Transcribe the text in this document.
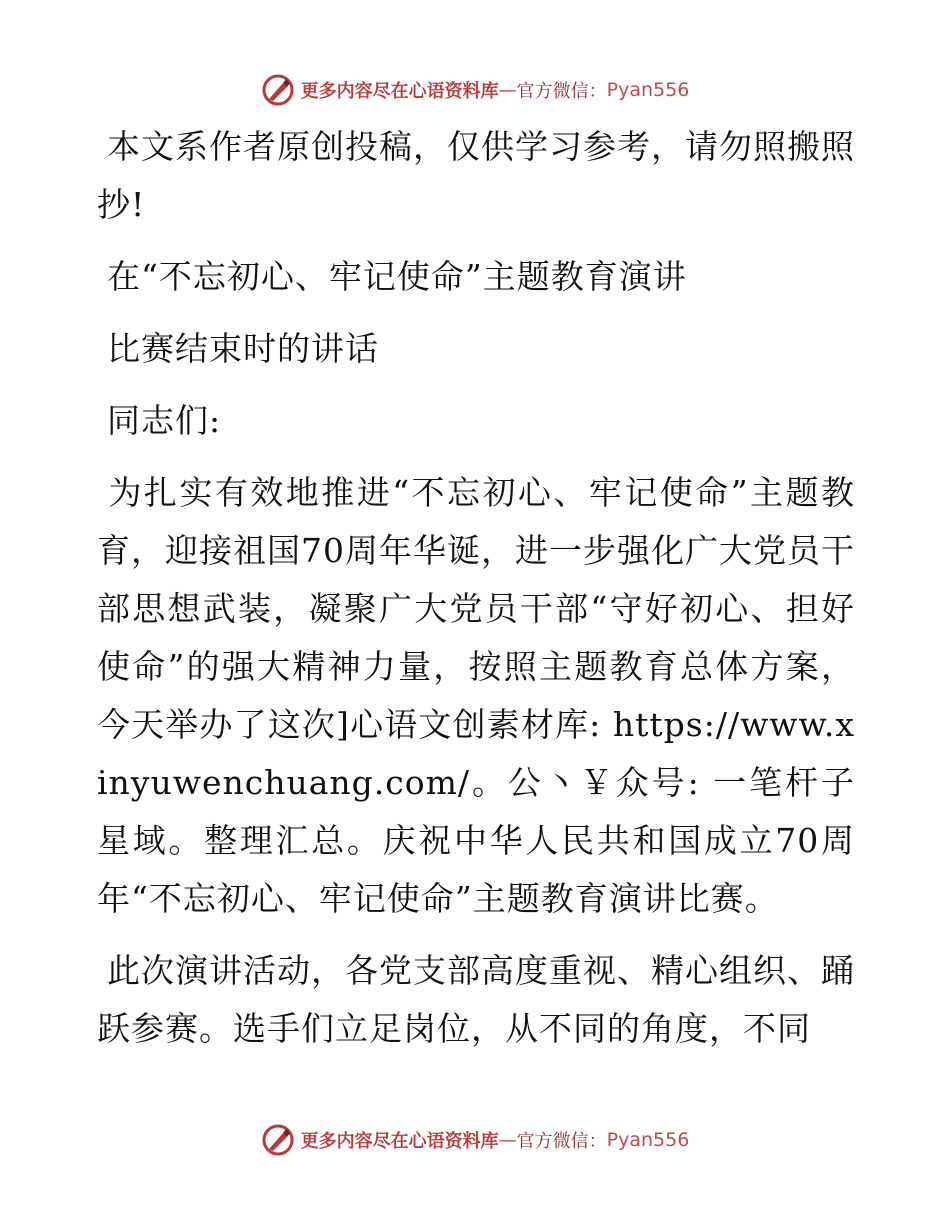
更多内容尽在心语资料库 — 官方微信： Pyan556

本文系作者原创投稿，仅供学习参考，请勿照搬照抄!

在“不忘初心、牢记使命”主题教育演讲

比赛结束时的讲话

同志们:

为扎实有效地推进“不忘初心、牢记使命”主题教育，迎接祖国70周年华诞，进一步强化广大党员干部思想武装，凝聚广大党员干部“守好初心、担好使命”的强大精神力量，按照主题教育总体方案，今天举办了这次]心语文创素材库: https://www.xinyuwenchuang.com/。公丶￥众号: 一笔杆子星域。整理汇总。庆祝中华人民共和国成立70周年“不忘初心、牢记使命”主题教育演讲比赛。

此次演讲活动，各党支部高度重视、精心组织、踊跃参赛。选手们立足岗位，从不同的角度，不同

更多内容尽在心语资料库 — 官方微信： Pyan556
